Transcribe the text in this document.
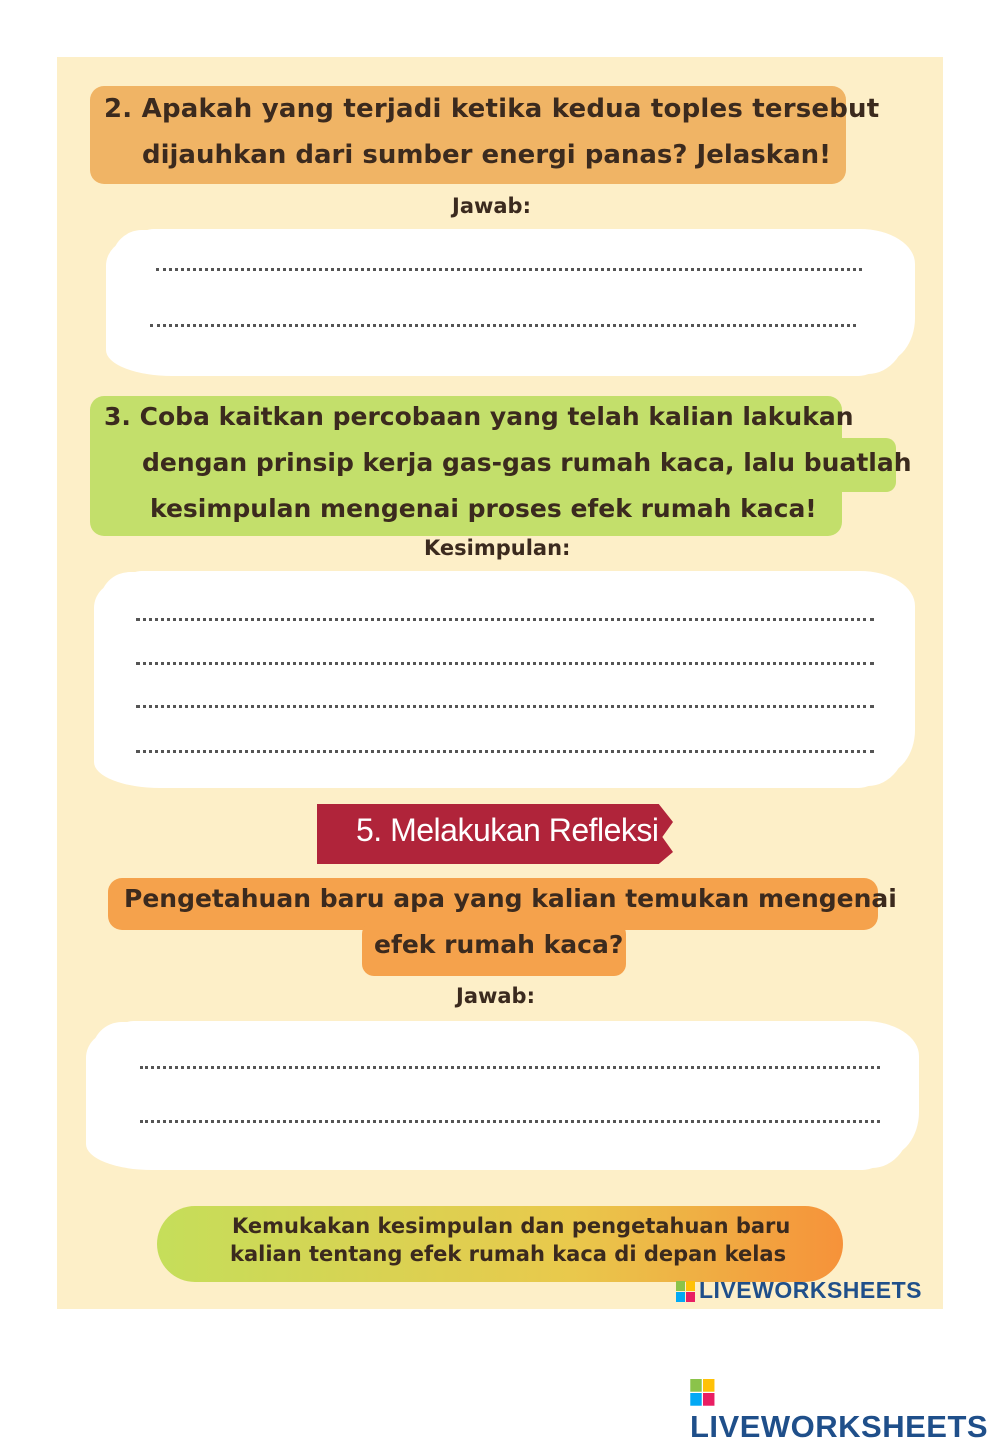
2. Apakah yang terjadi ketika kedua toples tersebut
dijauhkan dari sumber energi panas? Jelaskan!
Jawab:
3. Coba kaitkan percobaan yang telah kalian lakukan
dengan prinsip kerja gas-gas rumah kaca, lalu buatlah
kesimpulan mengenai proses efek rumah kaca!
Kesimpulan:
5. Melakukan Refleksi
Pengetahuan baru apa yang kalian temukan mengenai
efek rumah kaca?
Jawab:
Kemukakan kesimpulan dan pengetahuan baru
kalian tentang efek rumah kaca di depan kelas
LIVEWORKSHEETS
LIVEWORKSHEETS
